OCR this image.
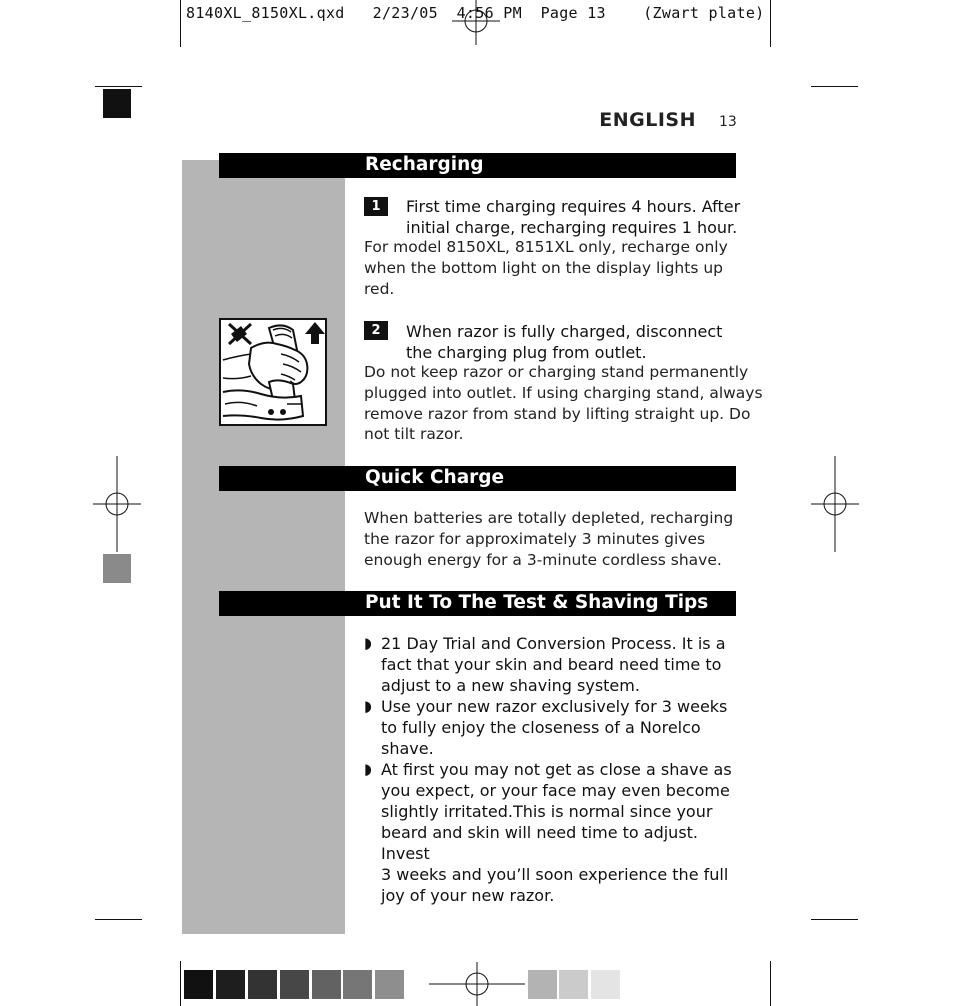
8140XL_8150XL.qxd   2/23/05  4:56 PM  Page 13    (Zwart plate)
ENGLISH 13
Recharging
1	First time charging requires 4 hours. After
initial charge, recharging requires 1 hour.
For model 8150XL, 8151XL only, recharge only
when the bottom light on the display lights up
red.
2	When razor is fully charged, disconnect
the charging plug from outlet.
Do not keep razor or charging stand permanently
plugged into outlet. If using charging stand, always
remove razor from stand by lifting straight up. Do
not tilt razor.
Quick Charge
When batteries are totally depleted, recharging
the razor for approximately 3 minutes gives
enough energy for a 3-minute cordless shave.
Put It To The Test & Shaving Tips
◗ 21 Day Trial and Conversion Process. It is a
fact that your skin and beard need time to
adjust to a new shaving system.
◗ Use your new razor exclusively for 3 weeks
to fully enjoy the closeness of a Norelco
shave.
◗ At first you may not get as close a shave as
you expect, or your face may even become
slightly irritated.This is normal since your
beard and skin will need time to adjust. Invest
3 weeks and you’ll soon experience the full
joy of your new razor.
